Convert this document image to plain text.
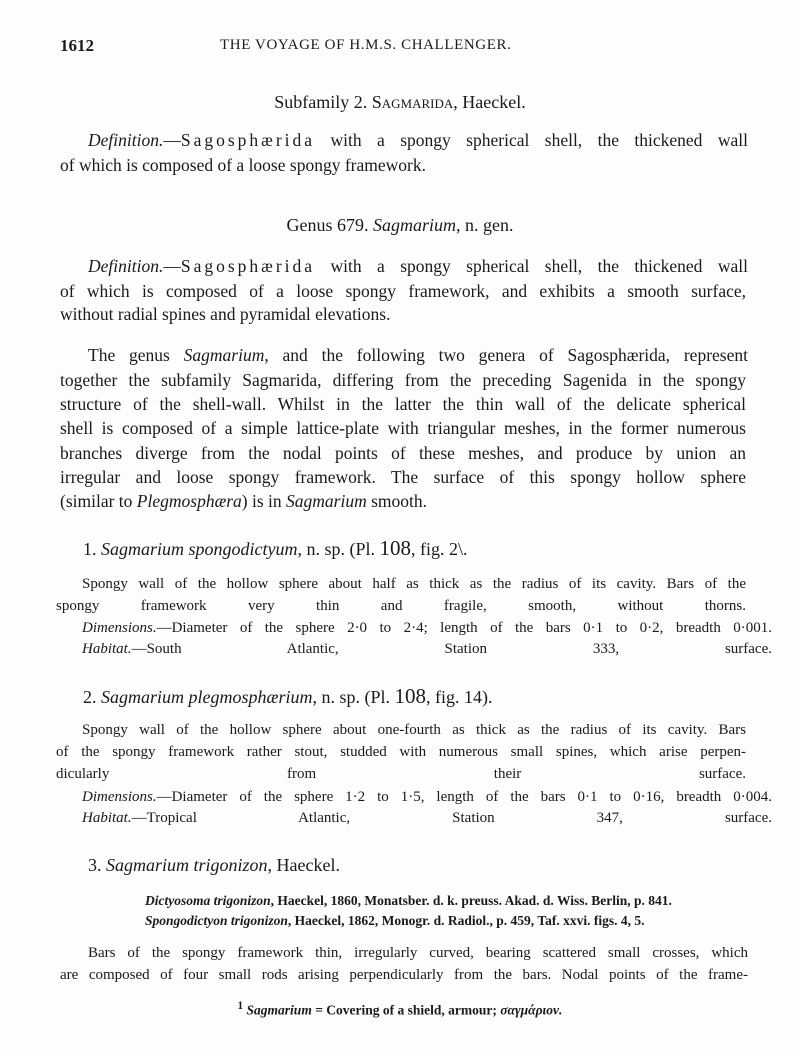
1612	THE VOYAGE OF H.M.S. CHALLENGER.
Subfamily 2. Sagmarida, Haeckel.
Definition.—Sagosphærida with a spongy spherical shell, the thickened wall
of which is composed of a loose spongy framework.
Genus 679. Sagmarium, n. gen.
Definition.—Sagosphærida with a spongy spherical shell, the thickened wall
of which is composed of a loose spongy framework, and exhibits a smooth surface,
without radial spines and pyramidal elevations.
The genus Sagmarium, and the following two genera of Sagosphærida, represent
together the subfamily Sagmarida, differing from the preceding Sagenida in the spongy
structure of the shell-wall. Whilst in the latter the thin wall of the delicate spherical
shell is composed of a simple lattice-plate with triangular meshes, in the former numerous
branches diverge from the nodal points of these meshes, and produce by union an
irregular and loose spongy framework. The surface of this spongy hollow sphere
(similar to Plegmosphæra) is in Sagmarium smooth.
1. Sagmarium spongodictyum, n. sp. (Pl. 108, fig. 2\.
Spongy wall of the hollow sphere about half as thick as the radius of its cavity. Bars of the
spongy framework very thin and fragile, smooth, without thorns.
Dimensions.—Diameter of the sphere 2·0 to 2·4; length of the bars 0·1 to 0·2, breadth 0·001.
Habitat.—South Atlantic, Station 333, surface.
2. Sagmarium plegmosphærium, n. sp. (Pl. 108, fig. 14).
Spongy wall of the hollow sphere about one-fourth as thick as the radius of its cavity. Bars
of the spongy framework rather stout, studded with numerous small spines, which arise perpen-
dicularly from their surface.
Dimensions.—Diameter of the sphere 1·2 to 1·5, length of the bars 0·1 to 0·16, breadth 0·004.
Habitat.—Tropical Atlantic, Station 347, surface.
3. Sagmarium trigonizon, Haeckel.
Dictyosoma trigonizon, Haeckel, 1860, Monatsber. d. k. preuss. Akad. d. Wiss. Berlin, p. 841.
Spongodictyon trigonizon, Haeckel, 1862, Monogr. d. Radiol., p. 459, Taf. xxvi. figs. 4, 5.
Bars of the spongy framework thin, irregularly curved, bearing scattered small crosses, which
are composed of four small rods arising perpendicularly from the bars. Nodal points of the frame-
$^1$ Sagmarium = Covering of a shield, armour; σαγμάριον.
